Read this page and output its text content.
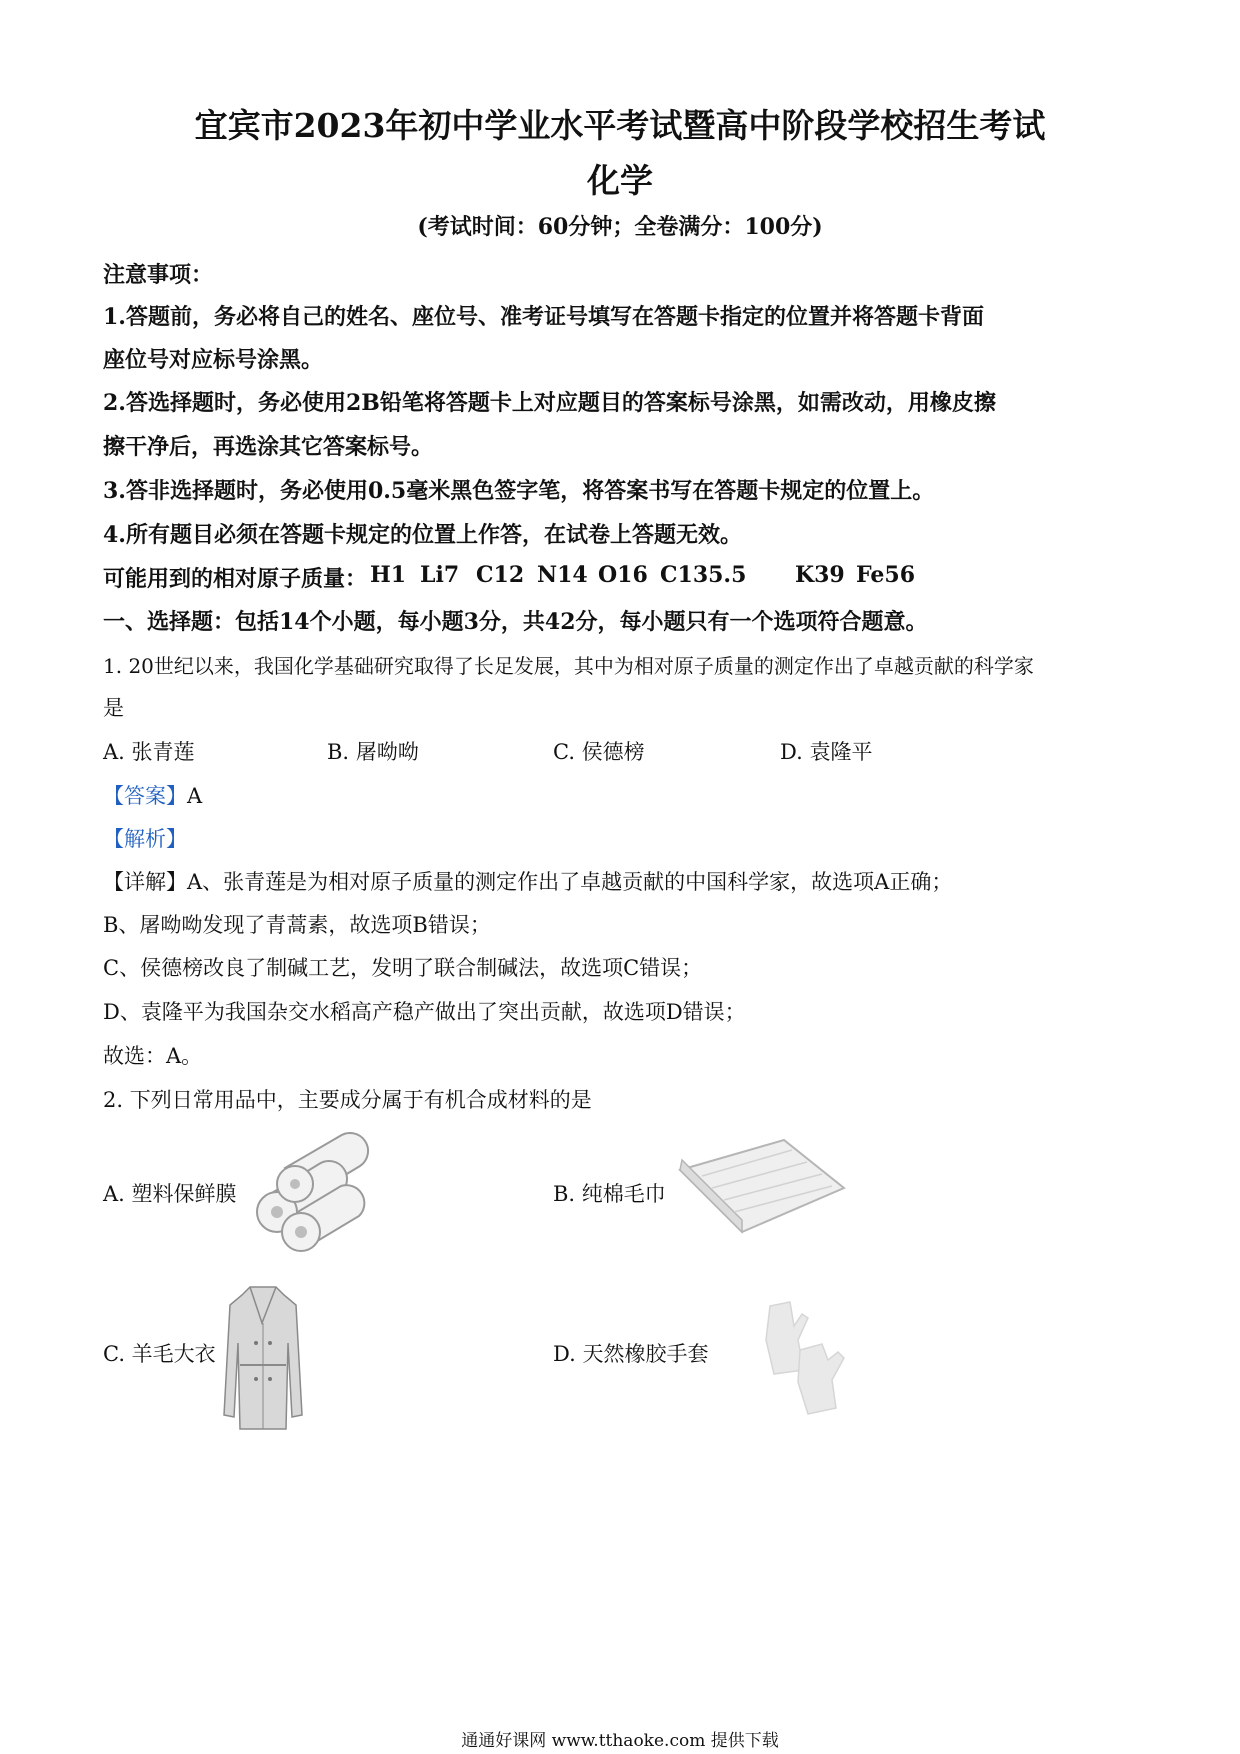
宜宾市2023年初中学业水平考试暨高中阶段学校招生考试
化学
(考试时间：60分钟；全卷满分：100分)
注意事项：
1.答题前，务必将自己的姓名、座位号、准考证号填写在答题卡指定的位置并将答题卡背面
座位号对应标号涂黑。
2.答选择题时，务必使用2B铅笔将答题卡上对应题目的答案标号涂黑，如需改动，用橡皮擦
擦干净后，再选涂其它答案标号。
3.答非选择题时，务必使用0.5毫米黑色签字笔，将答案书写在答题卡规定的位置上。
4.所有题目必须在答题卡规定的位置上作答，在试卷上答题无效。
可能用到的相对原子质量： H1 Li7 C12 N14 O16 C135.5 K39 Fe56
一、选择题：包括14个小题，每小题3分，共42分，每小题只有一个选项符合题意。
1. 20世纪以来，我国化学基础研究取得了长足发展，其中为相对原子质量的测定作出了卓越贡献的科学家
是
A. 张青莲	B. 屠呦呦	C. 侯德榜	D. 袁隆平
【答案】A
【解析】
【详解】A、张青莲是为相对原子质量的测定作出了卓越贡献的中国科学家，故选项A正确；
B、屠呦呦发现了青蒿素，故选项B错误；
C、侯德榜改良了制碱工艺，发明了联合制碱法，故选项C错误；
D、袁隆平为我国杂交水稻高产稳产做出了突出贡献，故选项D错误；
故选：A。
2. 下列日常用品中，主要成分属于有机合成材料的是
A. 塑料保鲜膜	B. 纯棉毛巾
C. 羊毛大衣	D. 天然橡胶手套
通通好课网 www.tthaoke.com 提供下载
